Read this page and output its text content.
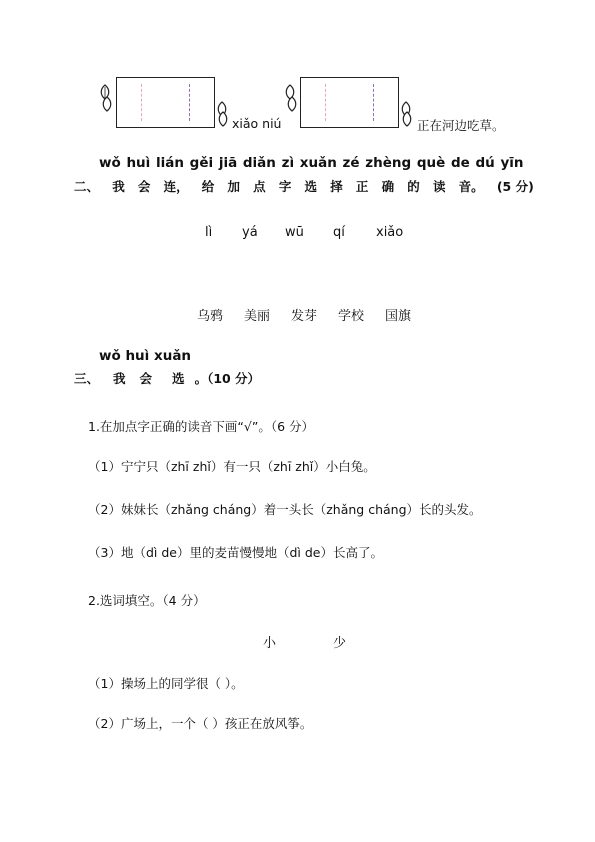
xiǎo niú	正在河边吃草。
wǒ huì lián gěi jiā diǎn zì xuǎn zé zhèng què de dú yīn
二、 我 会 连， 给 加 点 字 选 择 正 确 的 读 音。 (5 分)
lì yá wū qí xiǎo
乌鸦 美丽 发芽 学校 国旗
wǒ huì xuǎn
三、 我 会 选 。（10 分）
1.在加点字正确的读音下画“√”。（6 分）
（1）宁宁只（zhī zhǐ）有一只（zhī zhǐ）小白兔。
（2）妹妹长（zhǎng cháng）着一头长（zhǎng cháng）长的头发。
（3）地（dì de）里的麦苗慢慢地（dì de）长高了。
2.选词填空。（4 分）
小	少
（1）操场上的同学很（ ）。
（2）广场上，一个（ ）孩正在放风筝。
